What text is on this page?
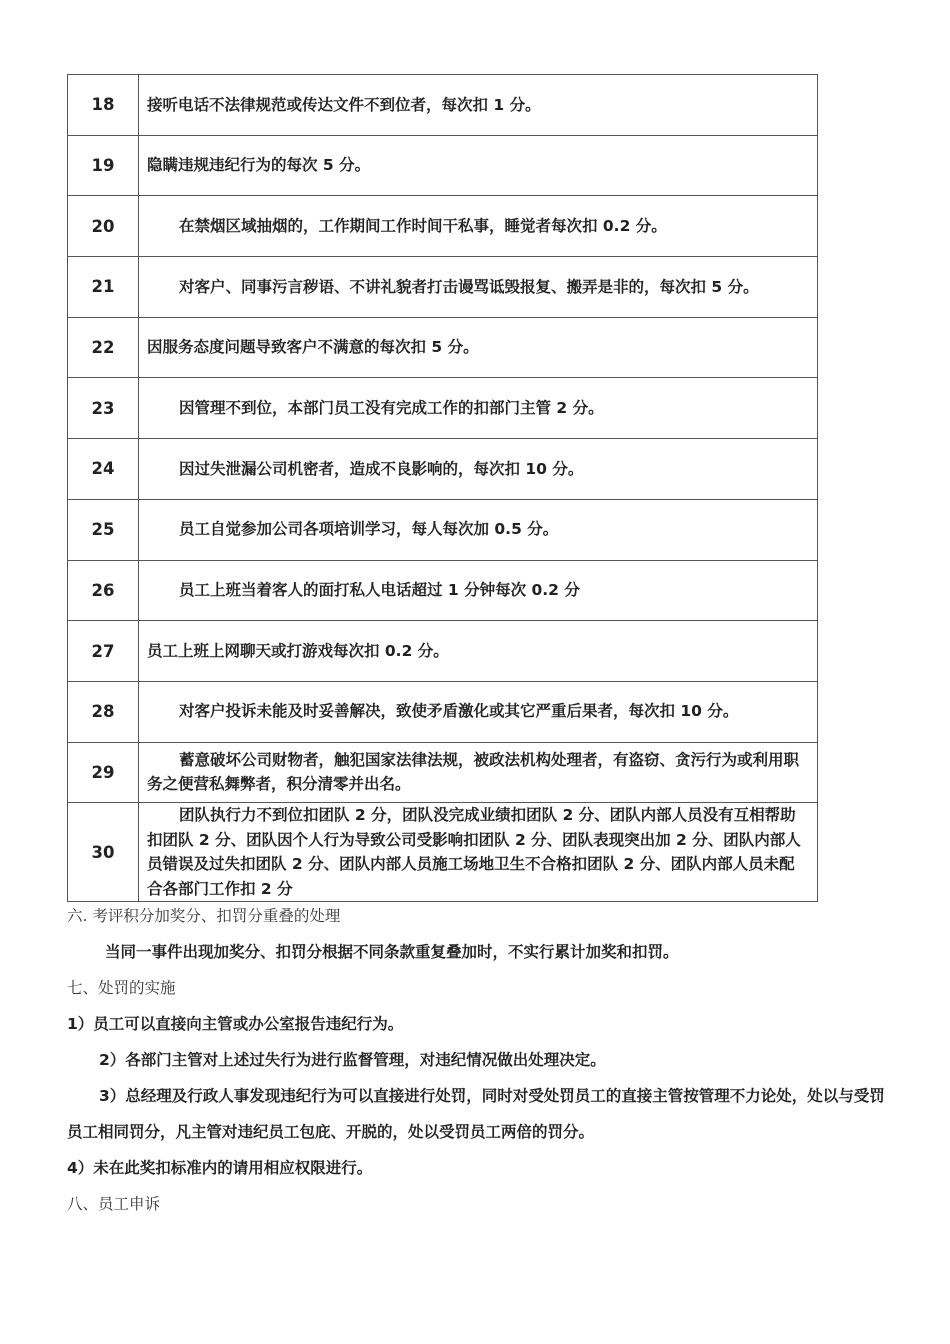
18	接听电话不法律规范或传达文件不到位者，每次扣 1 分。
19	隐瞒违规违纪行为的每次 5 分。
20	在禁烟区域抽烟的，工作期间工作时间干私事，睡觉者每次扣 0.2 分。
21	对客户、同事污言秽语、不讲礼貌者打击谩骂诋毁报复、搬弄是非的，每次扣 5 分。
22	因服务态度问题导致客户不满意的每次扣 5 分。
23	因管理不到位，本部门员工没有完成工作的扣部门主管 2 分。
24	因过失泄漏公司机密者，造成不良影响的，每次扣 10 分。
25	员工自觉参加公司各项培训学习，每人每次加 0.5 分。
26	员工上班当着客人的面打私人电话超过 1 分钟每次 0.2 分
27	员工上班上网聊天或打游戏每次扣 0.2 分。
28	对客户投诉未能及时妥善解决，致使矛盾激化或其它严重后果者，每次扣 10 分。
29	蓄意破坏公司财物者，触犯国家法律法规，被政法机构处理者，有盗窃、贪污行为或利用职务之便营私舞弊者，积分清零并出名。
30	团队执行力不到位扣团队 2 分，团队没完成业绩扣团队 2 分、团队内部人员没有互相帮助扣团队 2 分、团队因个人行为导致公司受影响扣团队 2 分、团队表现突出加 2 分、团队内部人员错误及过失扣团队 2 分、团队内部人员施工场地卫生不合格扣团队 2 分、团队内部人员未配合各部门工作扣 2 分

六. 考评积分加奖分、扣罚分重叠的处理

当同一事件出现加奖分、扣罚分根据不同条款重复叠加时，不实行累计加奖和扣罚。

七、处罚的实施

1）员工可以直接向主管或办公室报告违纪行为。

2）各部门主管对上述过失行为进行监督管理，对违纪情况做出处理决定。

3）总经理及行政人事发现违纪行为可以直接进行处罚，同时对受处罚员工的直接主管按管理不力论处，处以与受罚员工相同罚分，凡主管对违纪员工包庇、开脱的，处以受罚员工两倍的罚分。

4）未在此奖扣标准内的请用相应权限进行。

八、员工申诉
